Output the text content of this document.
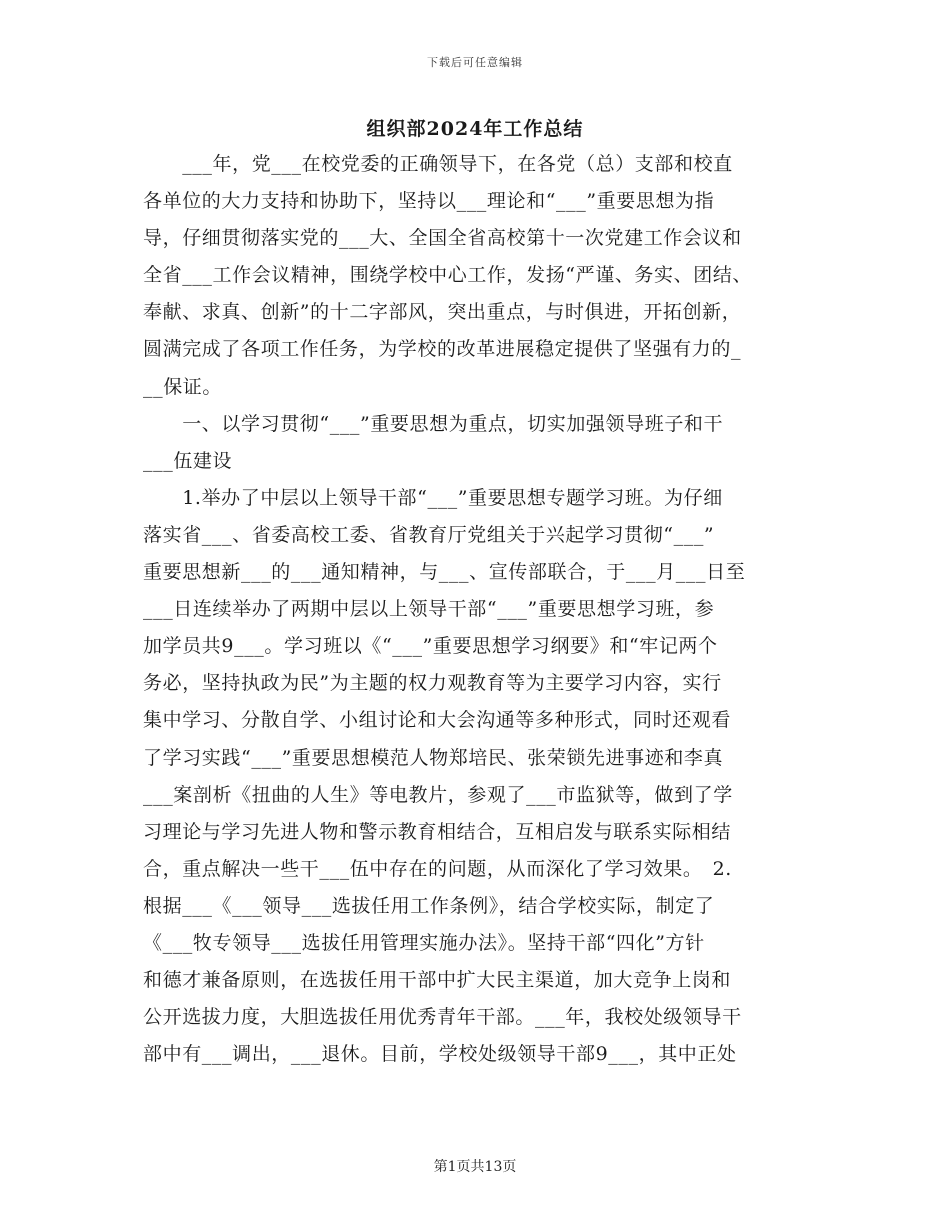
下载后可任意编辑
组织部2024年工作总结
　　___年，党___在校党委的正确领导下，在各党（总）支部和校直
各单位的大力支持和协助下，坚持以___理论和“___”重要思想为指
导，仔细贯彻落实党的___大、全国全省高校第十一次党建工作会议和
全省___工作会议精神，围绕学校中心工作，发扬“严谨、务实、团结、
奉献、求真、创新”的十二字部风，突出重点，与时俱进，开拓创新，
圆满完成了各项工作任务，为学校的改革进展稳定提供了坚强有力的_
__保证。
　　一、以学习贯彻“___”重要思想为重点，切实加强领导班子和干
___伍建设
　　1.举办了中层以上领导干部“___”重要思想专题学习班。为仔细
落实省___、省委高校工委、省教育厅党组关于兴起学习贯彻“___”
重要思想新___的___通知精神，与___、宣传部联合，于___月___日至
___日连续举办了两期中层以上领导干部“___”重要思想学习班，参
加学员共9___。学习班以《“___”重要思想学习纲要》和“牢记两个
务必，坚持执政为民”为主题的权力观教育等为主要学习内容，实行
集中学习、分散自学、小组讨论和大会沟通等多种形式，同时还观看
了学习实践“___”重要思想模范人物郑培民、张荣锁先进事迹和李真
___案剖析《扭曲的人生》等电教片，参观了___市监狱等，做到了学
习理论与学习先进人物和警示教育相结合，互相启发与联系实际相结
合，重点解决一些干___伍中存在的问题，从而深化了学习效果。　2.
根据___《___领导___选拔任用工作条例》，结合学校实际，制定了
《___牧专领导___选拔任用管理实施办法》。坚持干部“四化”方针
和德才兼备原则，在选拔任用干部中扩大民主渠道，加大竞争上岗和
公开选拔力度，大胆选拔任用优秀青年干部。___年，我校处级领导干
部中有___调出，___退休。目前，学校处级领导干部9___，其中正处
第1页共13页
